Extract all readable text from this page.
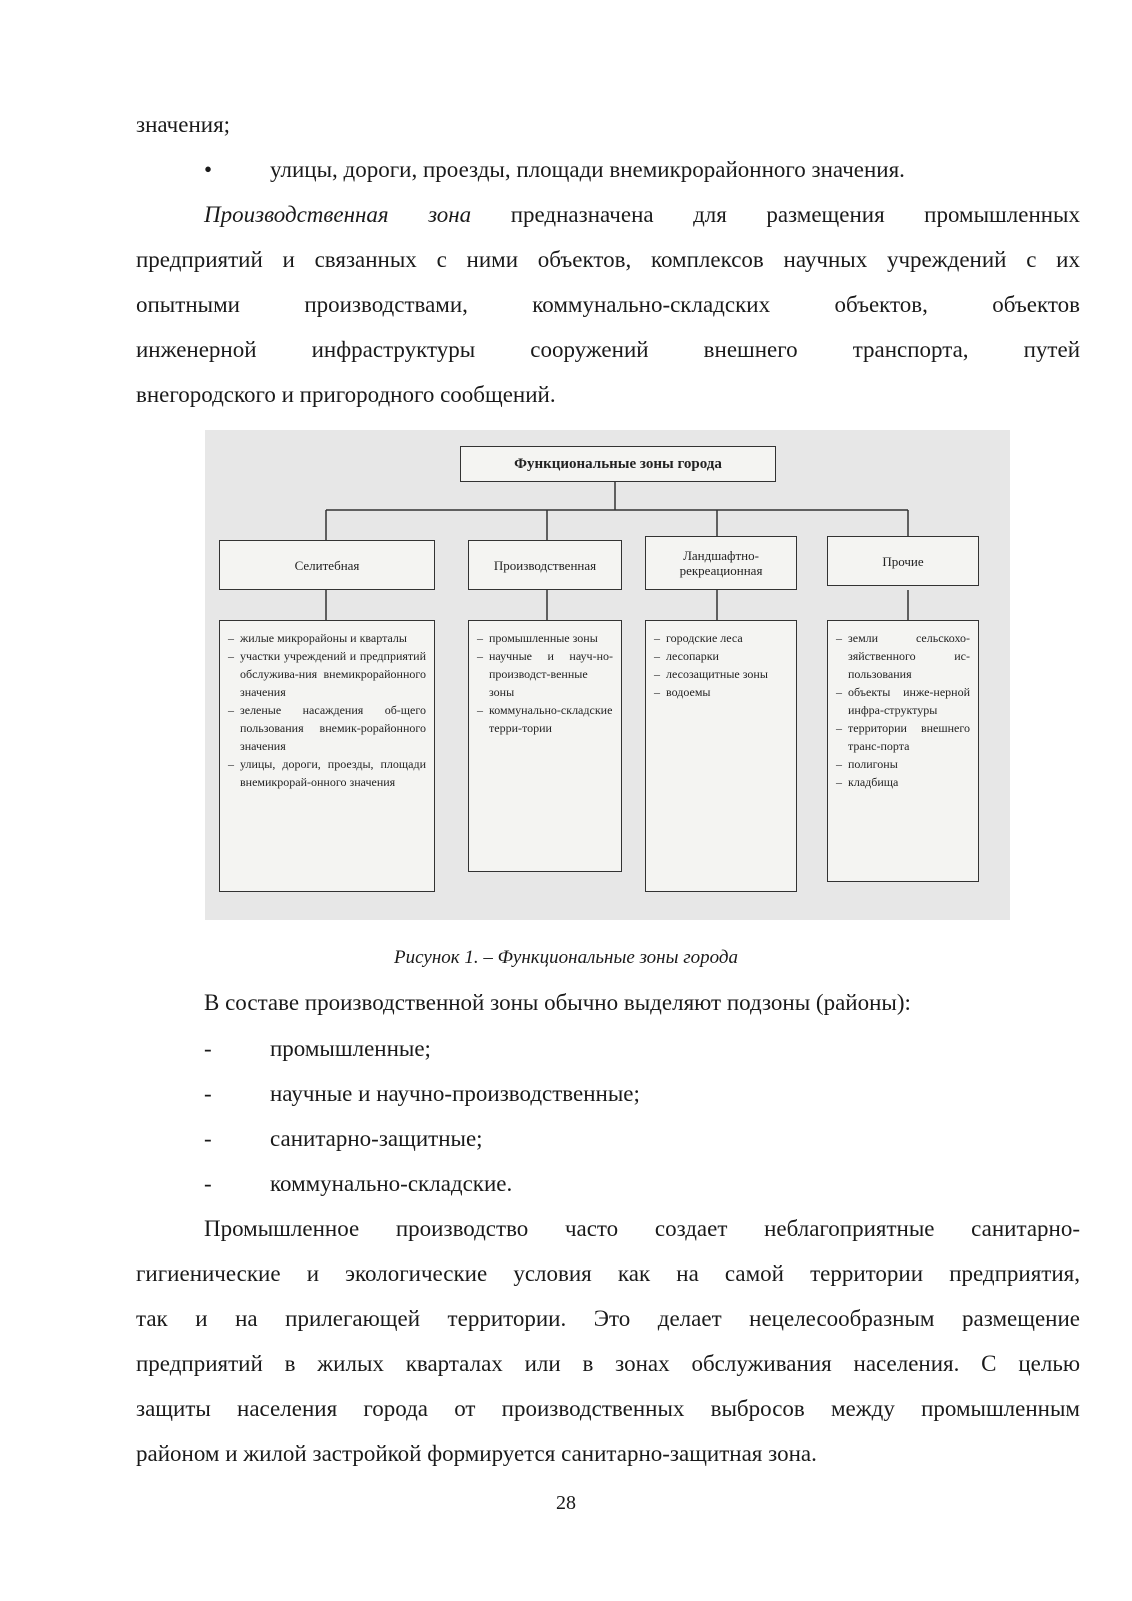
значения;
•	улицы, дороги, проезды, площади внемикрорайонного значения.
Производственная зона предназначена для размещения промышленных
предприятий и связанных с ними объектов, комплексов научных учреждений с их
опытными производствами, коммунально-складских объектов, объектов
инженерной инфраструктуры сооружений внешнего транспорта, путей
внегородского и пригородного сообщений.
Функциональные зоны города
Селитебная	Производственная
Ландшафтно-рекреационная
Прочие
– жилые микрорайоны и кварталы
– участки учреждений и предприятий обслужива-ния внемикрорайонного значения
– зеленые насаждения об-щего пользования внемик-рорайонного значения
– улицы, дороги, проезды, площади внемикрорай-онного значения
– промышленные зоны
– научные и науч-но-производст-венные зоны
– коммунально-складские терри-тории
– городские леса
– лесопарки
– лесозащитные зоны
– водоемы
– земли сельскохо-зяйственного ис-пользования
– объекты инже-нерной инфра-структуры
– территории внешнего транс-порта
– полигоны
– кладбища
Рисунок 1. – Функциональные зоны города
В составе производственной зоны обычно выделяют подзоны (районы):
-	промышленные;
-	научные и научно-производственные;
-	санитарно-защитные;
-	коммунально-складские.
Промышленное производство часто создает неблагоприятные санитарно-
гигиенические и экологические условия как на самой территории предприятия,
так и на прилегающей территории. Это делает нецелесообразным размещение
предприятий в жилых кварталах или в зонах обслуживания населения. С целью
защиты населения города от производственных выбросов между промышленным
районом и жилой застройкой формируется санитарно-защитная зона.
28
